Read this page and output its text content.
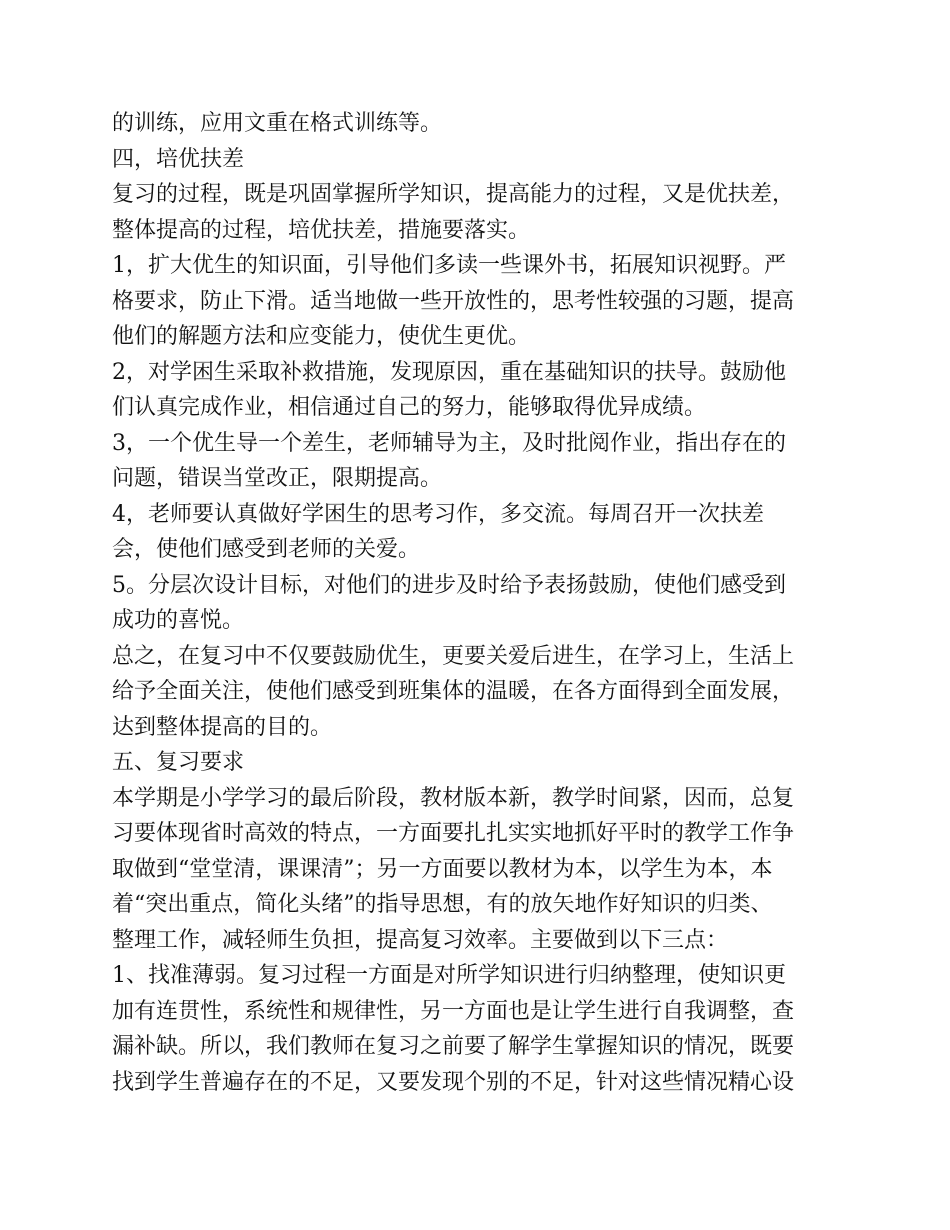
的训练，应用文重在格式训练等。
四，培优扶差
复习的过程，既是巩固掌握所学知识，提高能力的过程，又是优扶差，
整体提高的过程，培优扶差，措施要落实。
1，扩大优生的知识面，引导他们多读一些课外书，拓展知识视野。严
格要求，防止下滑。适当地做一些开放性的，思考性较强的习题，提高
他们的解题方法和应变能力，使优生更优。
2，对学困生采取补救措施，发现原因，重在基础知识的扶导。鼓励他
们认真完成作业，相信通过自己的努力，能够取得优异成绩。
3，一个优生导一个差生，老师辅导为主，及时批阅作业，指出存在的
问题，错误当堂改正，限期提高。
4，老师要认真做好学困生的思考习作，多交流。每周召开一次扶差
会，使他们感受到老师的关爱。
5。分层次设计目标，对他们的进步及时给予表扬鼓励，使他们感受到
成功的喜悦。
总之，在复习中不仅要鼓励优生，更要关爱后进生，在学习上，生活上
给予全面关注，使他们感受到班集体的温暖，在各方面得到全面发展，
达到整体提高的目的。
五、复习要求
本学期是小学学习的最后阶段，教材版本新，教学时间紧，因而，总复
习要体现省时高效的特点，一方面要扎扎实实地抓好平时的教学工作争
取做到“堂堂清，课课清”；另一方面要以教材为本，以学生为本，本
着“突出重点，简化头绪”的指导思想，有的放矢地作好知识的归类、
整理工作，减轻师生负担，提高复习效率。主要做到以下三点：
1、找准薄弱。复习过程一方面是对所学知识进行归纳整理，使知识更
加有连贯性，系统性和规律性，另一方面也是让学生进行自我调整，查
漏补缺。所以，我们教师在复习之前要了解学生掌握知识的情况，既要
找到学生普遍存在的不足，又要发现个别的不足，针对这些情况精心设
